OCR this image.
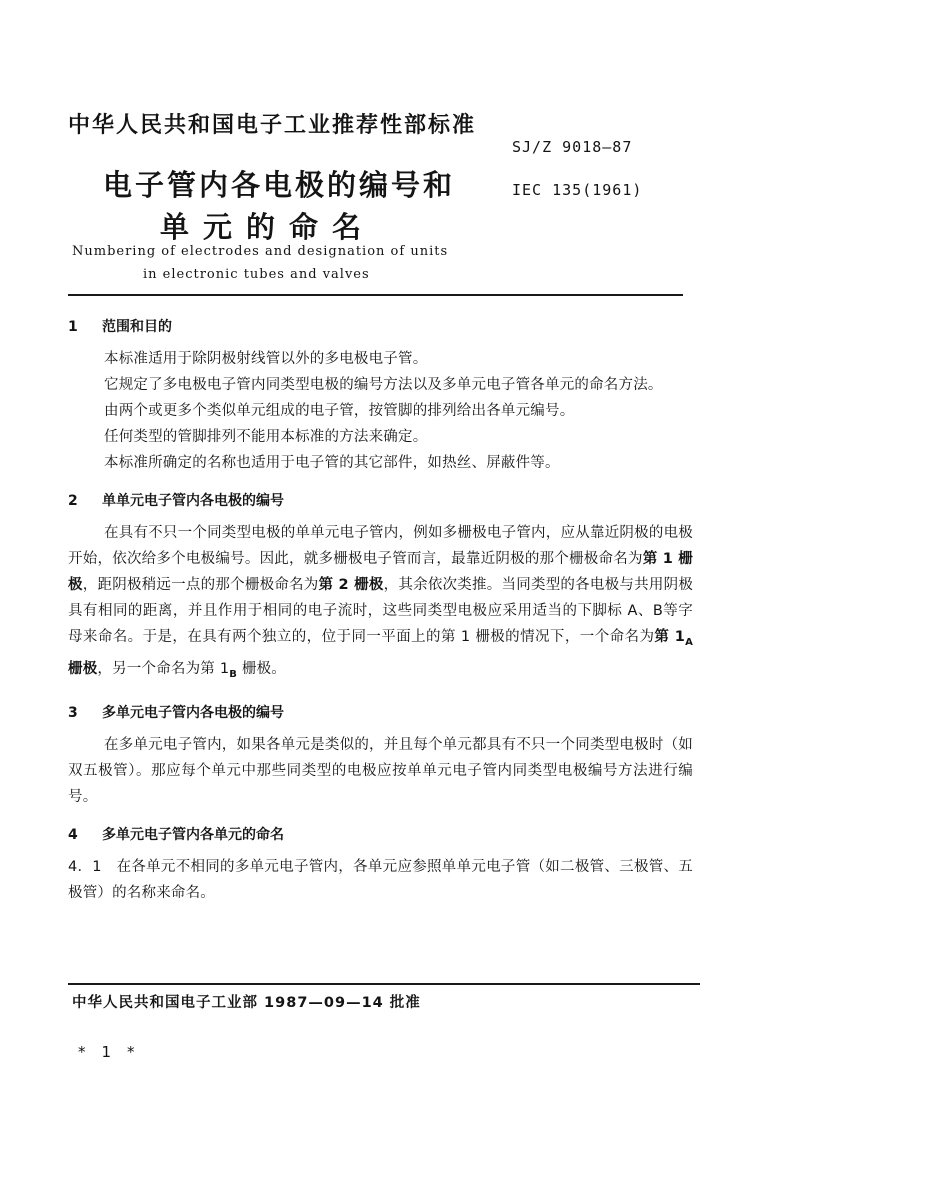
中华人民共和国电子工业推荐性部标准
SJ/Z 9018—87
电子管内各电极的编号和	IEC 135(1961)
单元的命名
Numbering of electrodes and designation of units
in electronic tubes and valves
1 范围和目的

本标准适用于除阴极射线管以外的多电极电子管。

它规定了多电极电子管内同类型电极的编号方法以及多单元电子管各单元的命名方法。

由两个或更多个类似单元组成的电子管，按管脚的排列给出各单元编号。

任何类型的管脚排列不能用本标准的方法来确定。

本标准所确定的名称也适用于电子管的其它部件，如热丝、屏蔽件等。

2 单单元电子管内各电极的编号

在具有不只一个同类型电极的单单元电子管内，例如多栅极电子管内，应从靠近阴极的电极开始，依次给多个电极编号。因此，就多栅极电子管而言，最靠近阴极的那个栅极命名为第 1 栅极，距阴极稍远一点的那个栅极命名为第 2 栅极，其余依次类推。当同类型的各电极与共用阴极具有相同的距离，并且作用于相同的电子流时，这些同类型电极应采用适当的下脚标 A、B等字母来命名。于是，在具有两个独立的，位于同一平面上的第 1 栅极的情况下，一个命名为第 $1_A$ 栅极，另一个命名为第 $1_B$ 栅极。

3 多单元电子管内各电极的编号

在多单元电子管内，如果各单元是类似的，并且每个单元都具有不只一个同类型电极时（如双五极管）。那应每个单元中那些同类型的电极应按单单元电子管内同类型电极编号方法进行编号。

4 多单元电子管内各单元的命名

4．1　在各单元不相同的多单元电子管内，各单元应参照单单元电子管（如二极管、三极管、五极管）的名称来命名。

中华人民共和国电子工业部 1987—09—14 批准
*1*
